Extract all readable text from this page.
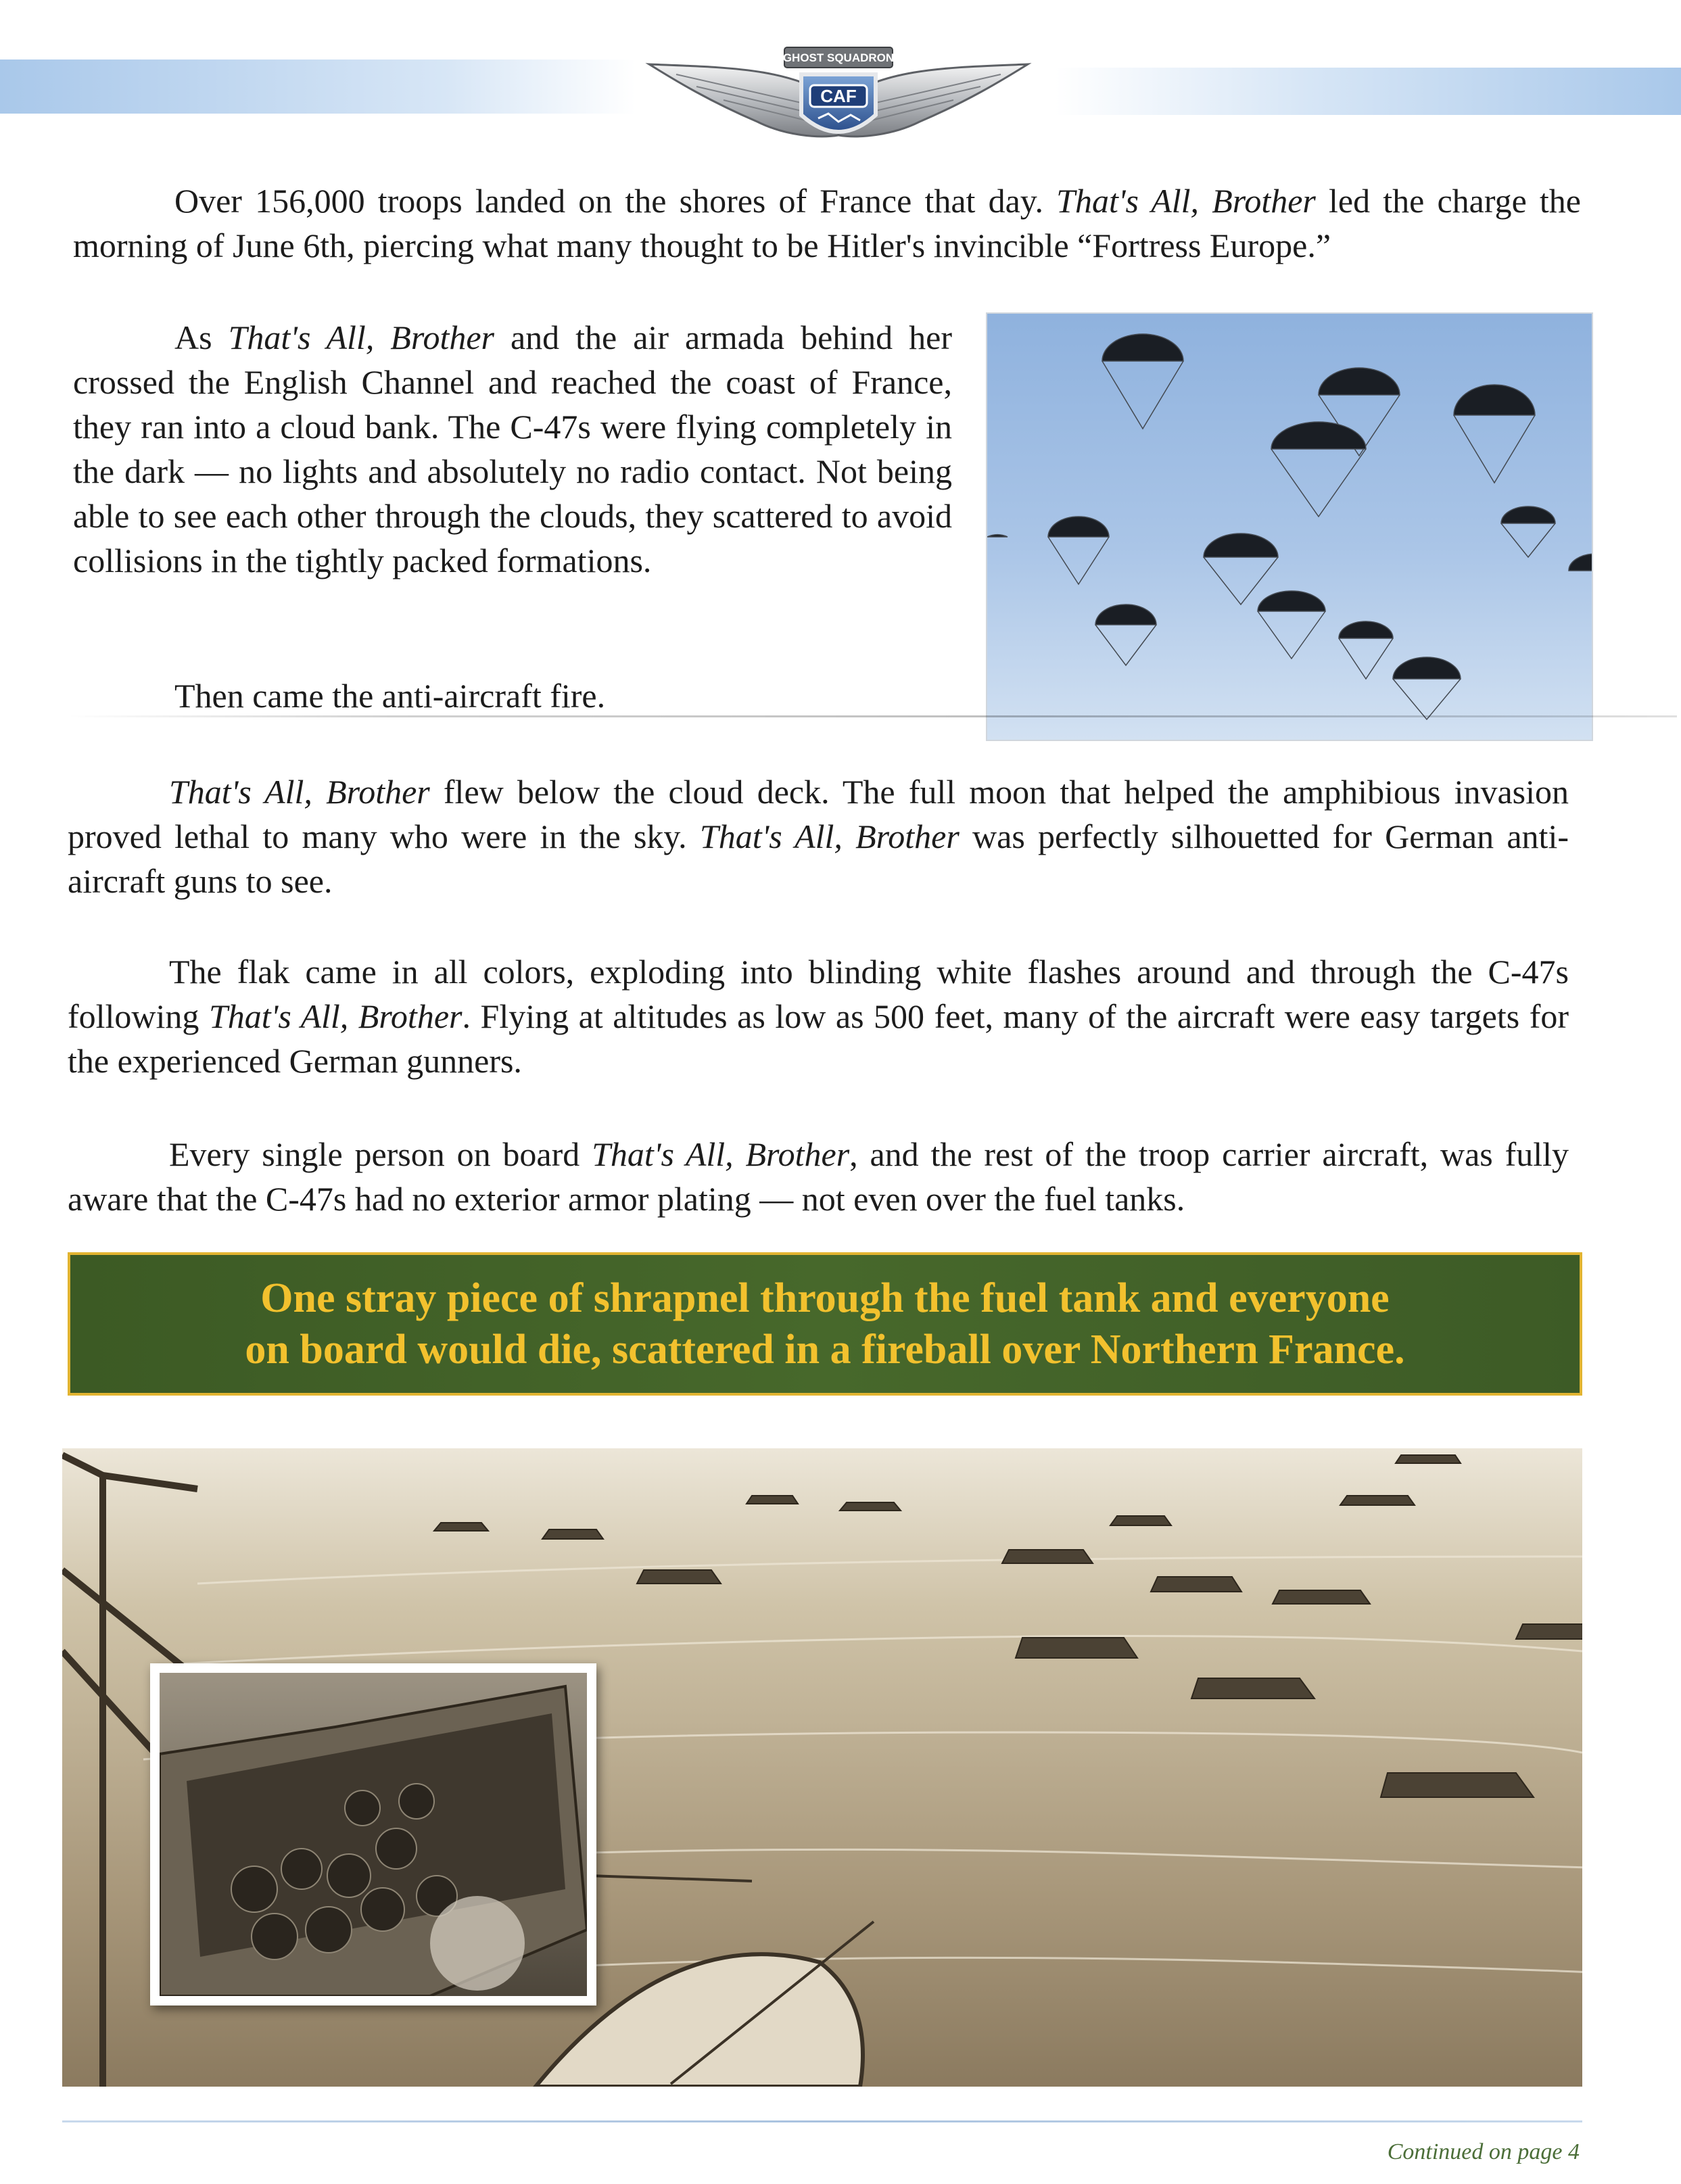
GHOST SQUADRON
CAF

Over 156,000 troops landed on the shores of France that day. That's All, Brother led the charge the morning of June 6th, piercing what many thought to be Hitler's invincible “Fortress Europe.”

As That's All, Brother and the air armada behind her crossed the English Channel and reached the coast of France, they ran into a cloud bank. The C-47s were flying completely in the dark — no lights and absolutely no radio contact. Not being able to see each other through the clouds, they scattered to avoid collisions in the tightly packed formations.

Then came the anti-aircraft fire.

That's All, Brother flew below the cloud deck. The full moon that helped the amphibious invasion proved lethal to many who were in the sky. That's All, Brother was perfectly silhouetted for German anti-aircraft guns to see.

The flak came in all colors, exploding into blinding white flashes around and through the C-47s following That's All, Brother. Flying at altitudes as low as 500 feet, many of the aircraft were easy targets for the experienced German gunners.

Every single person on board That's All, Brother, and the rest of the troop carrier aircraft, was fully aware that the C-47s had no exterior armor plating — not even over the fuel tanks.

One stray piece of shrapnel through the fuel tank and everyone
on board would die, scattered in a fireball over Northern France.
Continued on page 4
